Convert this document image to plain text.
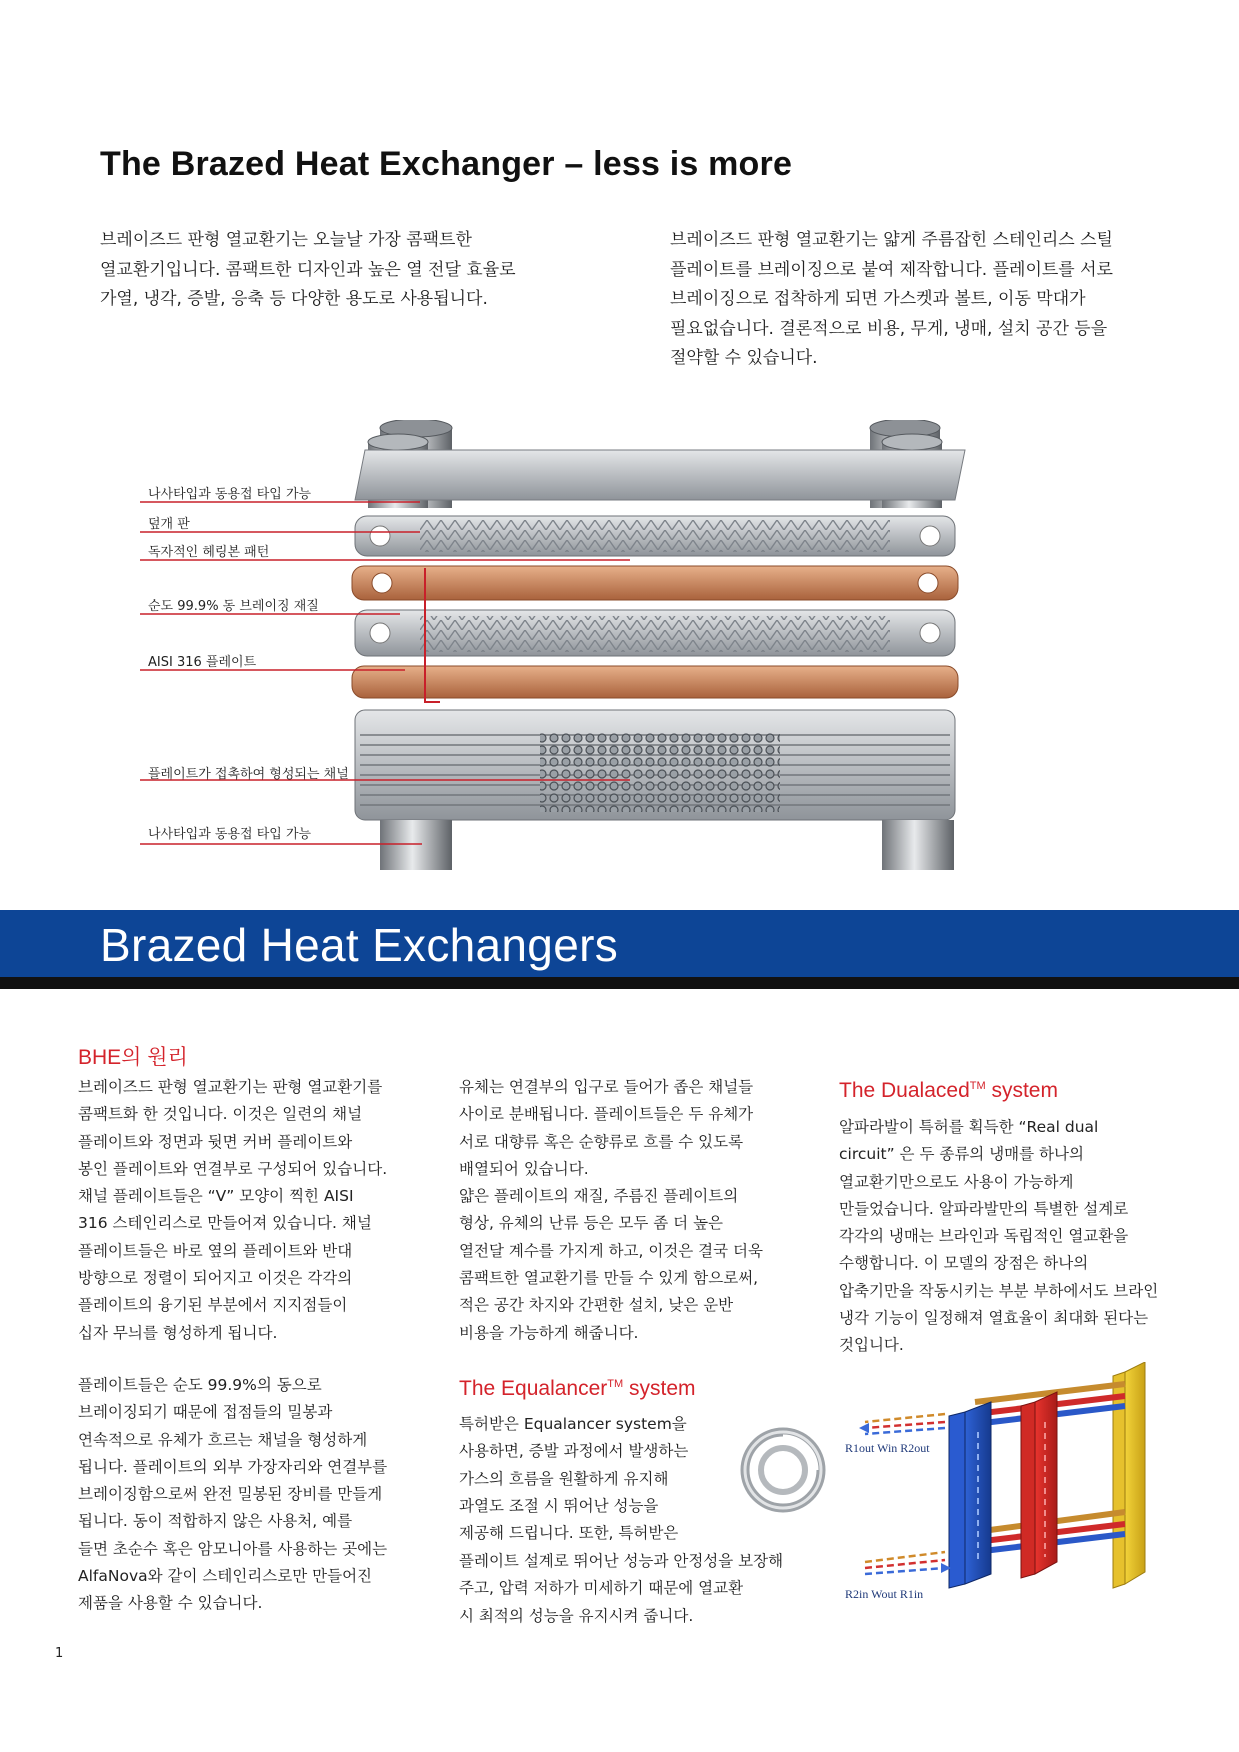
The Brazed Heat Exchanger – less is more
브레이즈드 판형 열교환기는 오늘날 가장 콤팩트한
열교환기입니다. 콤팩트한 디자인과 높은 열 전달 효율로
가열, 냉각, 증발, 응축 등 다양한 용도로 사용됩니다.
브레이즈드 판형 열교환기는 얇게 주름잡힌 스테인리스 스틸
플레이트를 브레이징으로 붙여 제작합니다. 플레이트를 서로
브레이징으로 접착하게 되면 가스켓과 볼트, 이동 막대가
필요없습니다. 결론적으로 비용, 무게, 냉매, 설치 공간 등을
절약할 수 있습니다.
나사타입과 동용접 타입 가능
덮개 판
독자적인 헤링본 패턴
순도 99.9% 동 브레이징 재질
AISI 316 플레이트
플레이트가 접촉하여 형성되는 채널
나사타입과 동용접 타입 가능
Brazed Heat Exchangers
BHE의 원리
브레이즈드 판형 열교환기는 판형 열교환기를
콤팩트화 한 것입니다. 이것은 일련의 채널
플레이트와 정면과 뒷면 커버 플레이트와
봉인 플레이트와 연결부로 구성되어 있습니다.
채널 플레이트들은 “V” 모양이 찍힌 AISI
316 스테인리스로 만들어져 있습니다. 채널
플레이트들은 바로 옆의 플레이트와 반대
방향으로 정렬이 되어지고 이것은 각각의
플레이트의 융기된 부분에서 지지점들이
십자 무늬를 형성하게 됩니다.
플레이트들은 순도 99.9%의 동으로
브레이징되기 때문에 접점들의 밀봉과
연속적으로 유체가 흐르는 채널을 형성하게
됩니다. 플레이트의 외부 가장자리와 연결부를
브레이징함으로써 완전 밀봉된 장비를 만들게
됩니다. 동이 적합하지 않은 사용처, 예를
들면 초순수 혹은 암모니아를 사용하는 곳에는
AlfaNova와 같이 스테인리스로만 만들어진
제품을 사용할 수 있습니다.
유체는 연결부의 입구로 들어가 좁은 채널들
사이로 분배됩니다. 플레이트들은 두 유체가
서로 대향류 혹은 순향류로 흐를 수 있도록
배열되어 있습니다.
얇은 플레이트의 재질, 주름진 플레이트의
형상, 유체의 난류 등은 모두 좀 더 높은
열전달 계수를 가지게 하고, 이것은 결국 더욱
콤팩트한 열교환기를 만들 수 있게 함으로써,
적은 공간 차지와 간편한 설치, 낮은 운반
비용을 가능하게 해줍니다.
The Equalancer™ system
특허받은 Equalancer system을
사용하면, 증발 과정에서 발생하는
가스의 흐름을 원활하게 유지해
과열도 조절 시 뛰어난 성능을
제공해 드립니다. 또한, 특허받은
플레이트 설계로 뛰어난 성능과 안정성을 보장해
주고, 압력 저하가 미세하기 때문에 열교환
시 최적의 성능을 유지시켜 줍니다.
The Dualaced™ system
알파라발이 특허를 획득한 “Real dual
circuit” 은 두 종류의 냉매를 하나의
열교환기만으로도 사용이 가능하게
만들었습니다. 알파라발만의 특별한 설계로
각각의 냉매는 브라인과 독립적인 열교환을
수행합니다. 이 모델의 장점은 하나의
압축기만을 작동시키는 부분 부하에서도 브라인
냉각 기능이 일정해져 열효율이 최대화 된다는
것입니다.
R1out Win R2out
R2in Wout R1in
1
